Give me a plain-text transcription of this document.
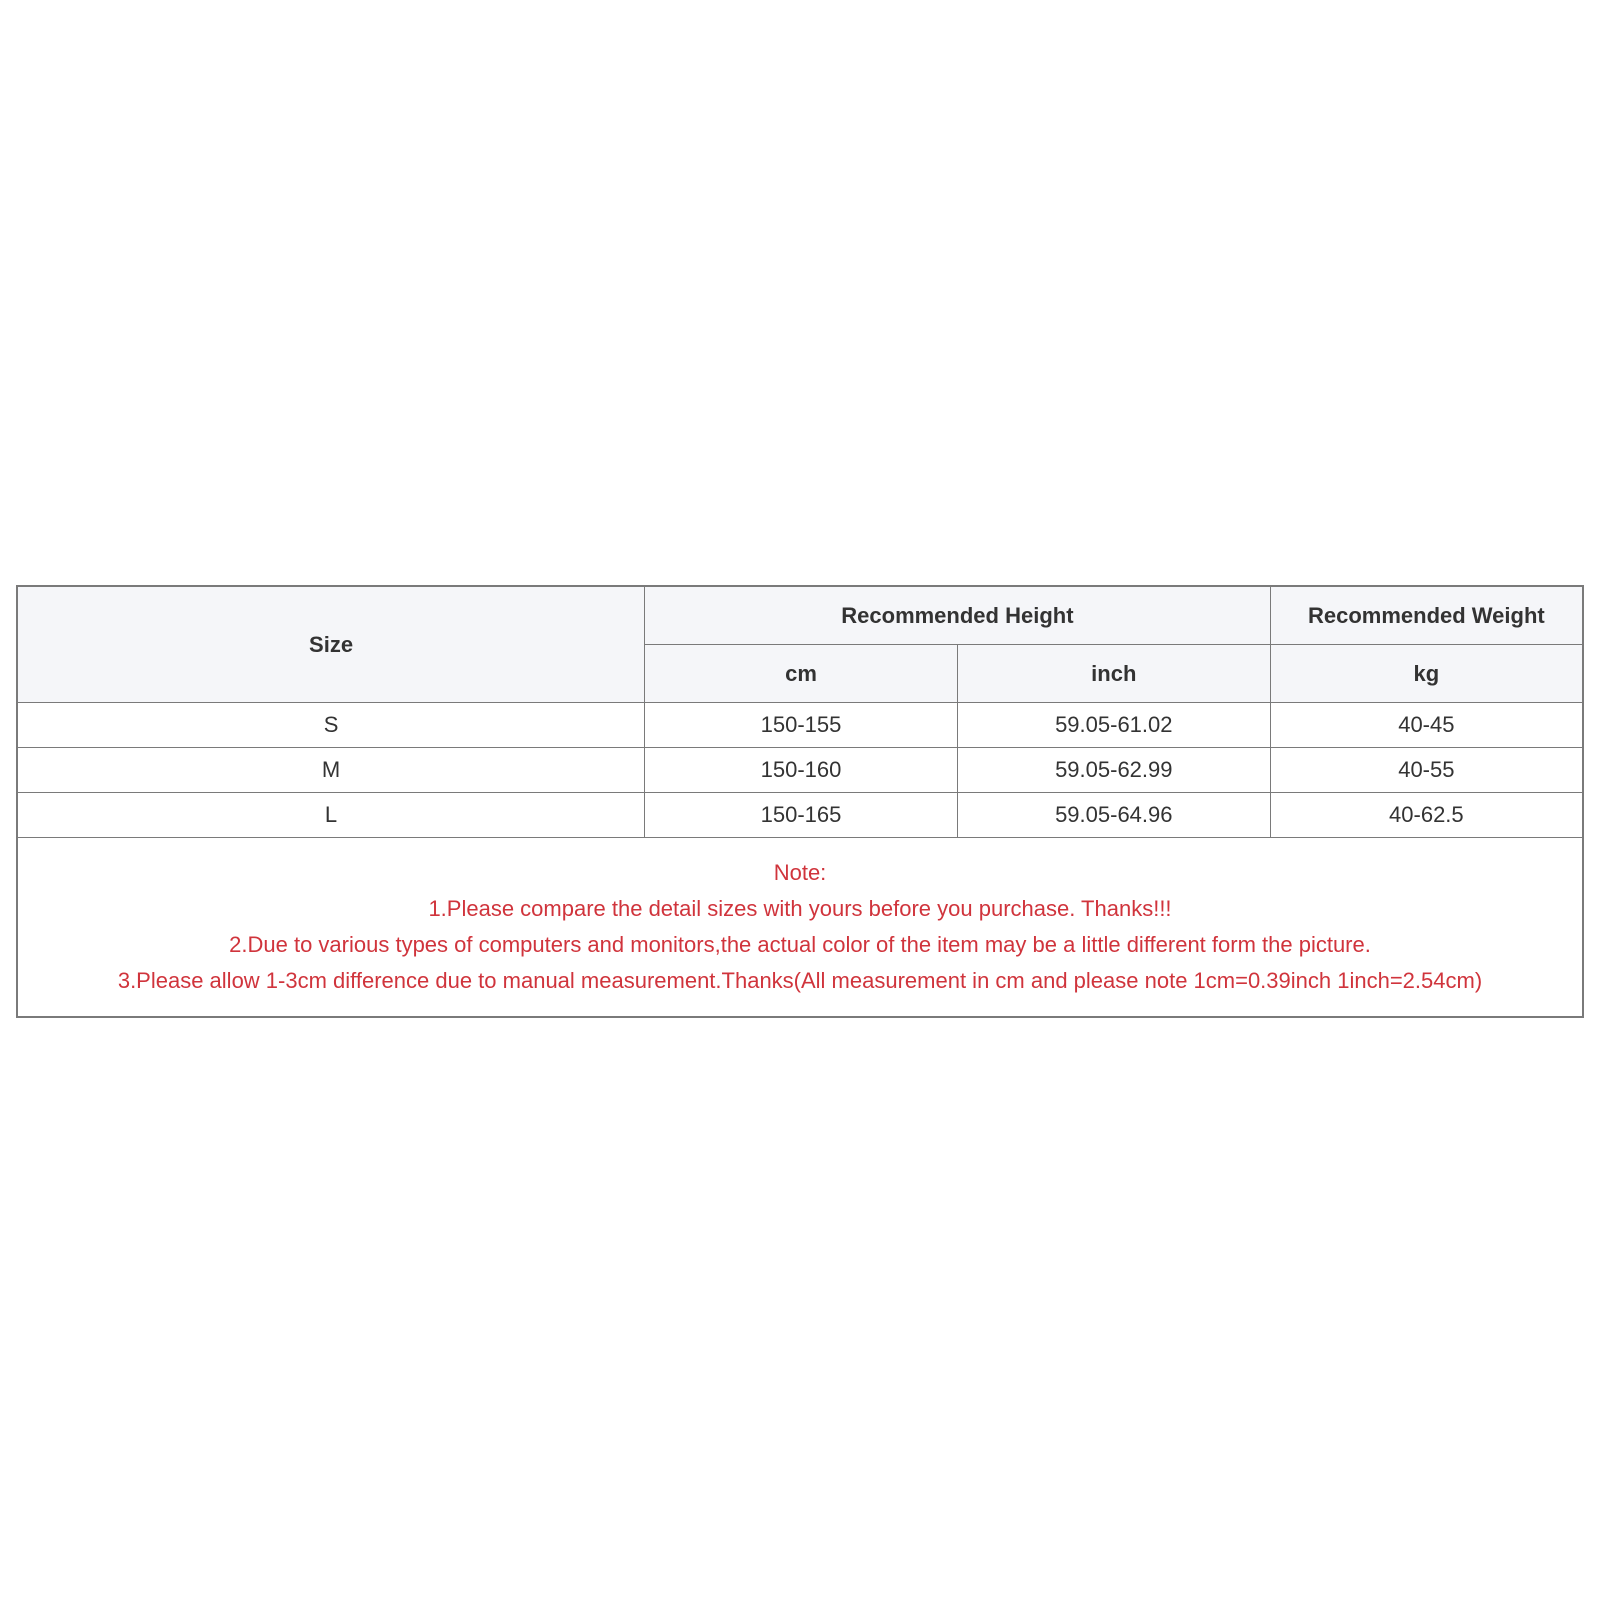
Size	Recommended Height		Recommended Weight
	cm	inch	kg
S	150-155	59.05-61.02	40-45
M	150-160	59.05-62.99	40-55
L	150-165	59.05-64.96	40-62.5

Note:
1.Please compare the detail sizes with yours before you purchase. Thanks!!!
2.Due to various types of computers and monitors,the actual color of the item may be a little different form the picture.
3.Please allow 1-3cm difference due to manual measurement.Thanks(All measurement in cm and please note 1cm=0.39inch 1inch=2.54cm)			
